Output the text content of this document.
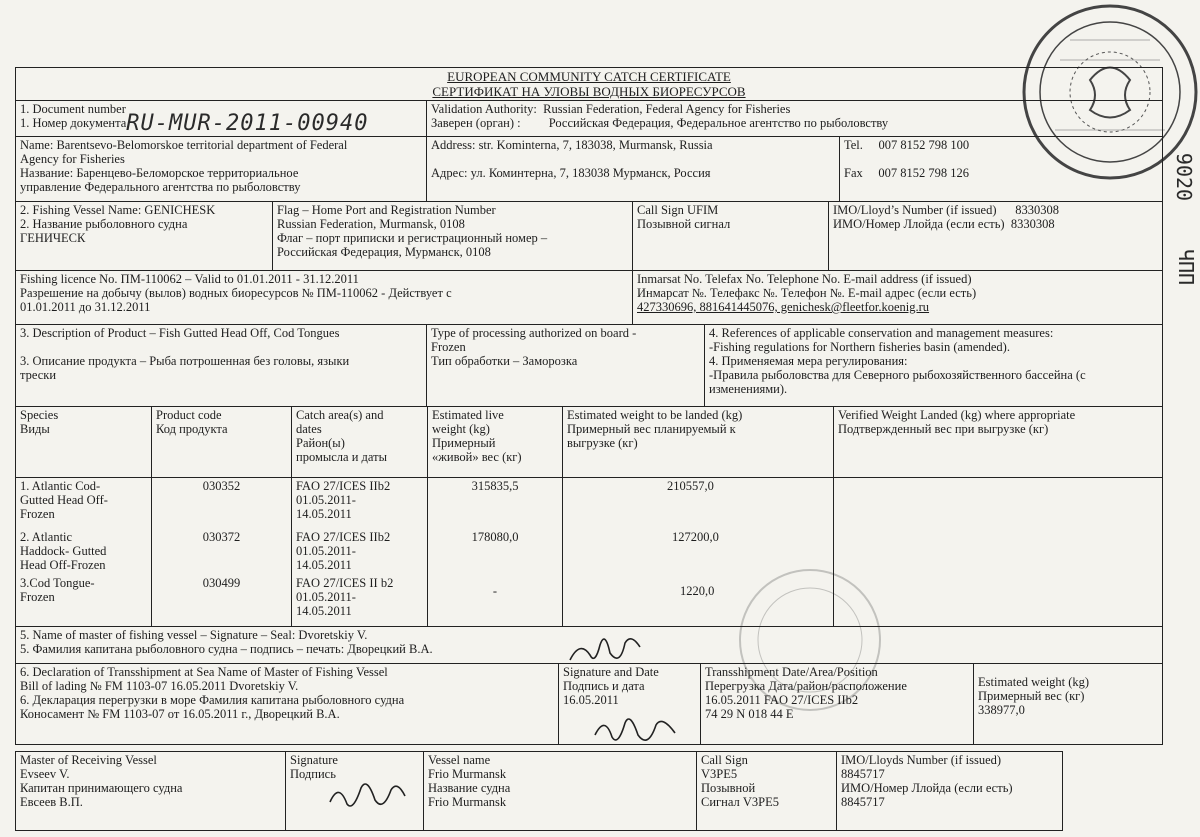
9020
ЧПП
EUROPEAN COMMUNITY CATCH CERTIFICATE
СЕРТИФИКАТ НА УЛОВЫ ВОДНЫХ БИОРЕСУРСОВ
1. Document number
1. Номер документаRU-MUR-2011-00940
Validation Authority: Russian Federation, Federal Agency for Fisheries
Заверен (орган) : Российская Федерация, Федеральное агентство по рыболовству
Name: Barentsevo-Belomorskoe territorial department of Federal
Agency for Fisheries
Название: Баренцево-Беломорское территориальное
управление Федерального агентства по рыболовству
Address: str. Kominterna, 7, 183038, Murmansk, Russia

Адрес: ул. Коминтерна, 7, 183038 Мурманск, Россия
Tel. 007 8152 798 100

Fax 007 8152 798 126
2. Fishing Vessel Name: GENICHESK
2. Название рыболовного судна
ГЕНИЧЕСК
Flag – Home Port and Registration Number
Russian Federation, Murmansk, 0108
Флаг – порт приписки и регистрационный номер –
Российская Федерация, Мурманск, 0108
Call Sign UFIM
Позывной сигнал
IMO/Lloyd’s Number (if issued) 8330308
ИМО/Номер Ллойда (если есть) 8330308
Fishing licence No. ПМ-110062 – Valid to 01.01.2011 - 31.12.2011
Разрешение на добычу (вылов) водных биоресурсов № ПМ-110062 - Действует с
01.01.2011 до 31.12.2011
Inmarsat No. Telefax No. Telephone No. E-mail address (if issued)
Инмарсат №. Телефакс №. Телефон №. E-mail адрес (если есть)
427330696, 881641445076, genichesk@fleetfor.koenig.ru
3. Description of Product – Fish Gutted Head Off, Cod Tongues

3. Описание продукта – Рыба потрошенная без головы, языки
трески
Type of processing authorized on board -
Frozen
Тип обработки – Заморозка
4. References of applicable conservation and management measures:
-Fishing regulations for Northern fisheries basin (amended).
4. Применяемая мера регулирования:
-Правила рыболовства для Северного рыбохозяйственного бассейна (с
изменениями).
Species
Виды
Product code
Код продукта
Catch area(s) and
dates
Район(ы)
промысла и даты
Estimated live
weight (kg)
Примерный
«живой» вес (кг)
Estimated weight to be landed (kg)
Примерный вес планируемый к
выгрузке (кг)
Verified Weight Landed (kg) where appropriate
Подтвержденный вес при выгрузке (кг)
1. Atlantic Cod-
Gutted Head Off-
Frozen
2. Atlantic
Haddock- Gutted
Head Off-Frozen
3.Cod Tongue-
Frozen
030352
030372
030499
FAO 27/ICES IIb2
01.05.2011-
14.05.2011
FAO 27/ICES IIb2
01.05.2011-
14.05.2011
FAO 27/ICES II b2
01.05.2011-
14.05.2011
315835,5
178080,0
-
210557,0
127200,0
1220,0
5. Name of master of fishing vessel – Signature – Seal: Dvoretskiy V.
5. Фамилия капитана рыболовного судна – подпись – печать: Дворецкий В.А.
6. Declaration of Transshipment at Sea Name of Master of Fishing Vessel
Bill of lading № FM 1103-07 16.05.2011 Dvoretskiy V.
6. Декларация перегрузки в море Фамилия капитана рыболовного судна
Коносамент № FM 1103-07 от 16.05.2011 г., Дворецкий В.А.
Signature and Date
Подпись и дата
16.05.2011
Transshipment Date/Area/Position
Перегрузка Дата/район/расположение
16.05.2011 FAO 27/ICES IIb2
74 29 N 018 44 E
Estimated weight (kg)
Примерный вес (кг)
338977,0
Master of Receiving Vessel
Evseev V.
Капитан принимающего судна
Евсеев В.П.
Signature
Подпись
Vessel name
Frio Murmansk
Название судна
Frio Murmansk
Call Sign
V3PE5
Позывной
Сигнал V3PE5
IMO/Lloyds Number (if issued)
8845717
ИМО/Номер Ллойда (если есть)
8845717
